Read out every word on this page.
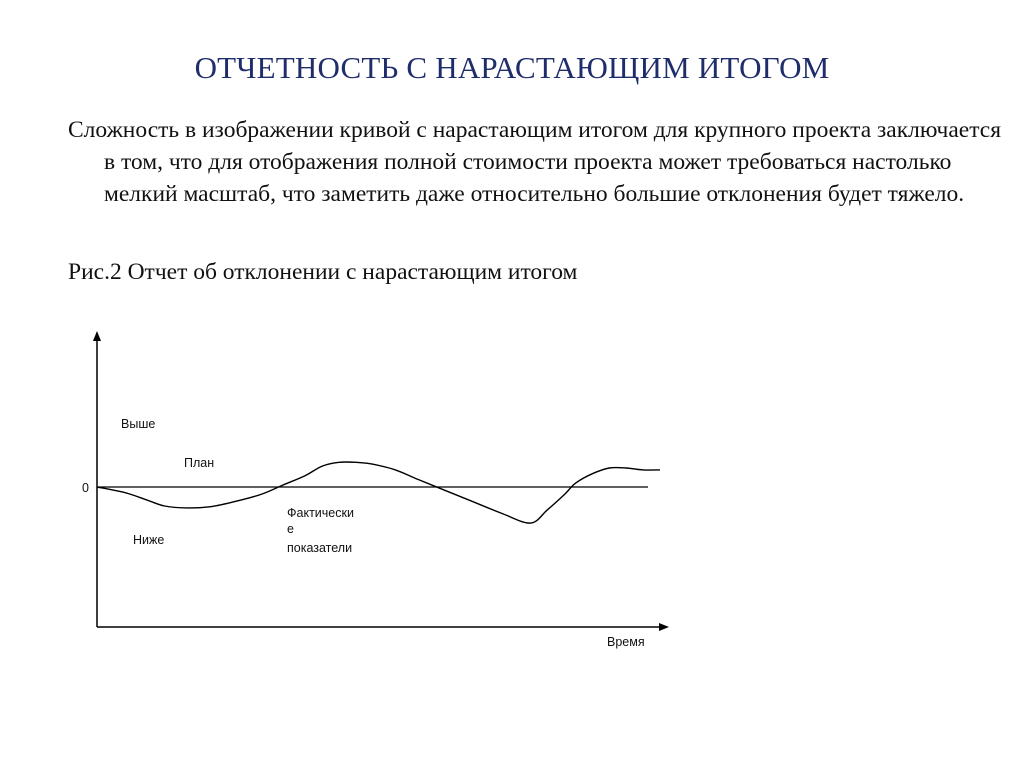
ОТЧЕТНОСТЬ С НАРАСТАЮЩИМ ИТОГОМ
Сложность в изображении кривой с нарастающим итогом для крупного проекта заключается в том, что для отображения полной стоимости проекта может требоваться настолько мелкий масштаб, что заметить даже относительно большие отклонения будет тяжело.
Рис.2 Отчет об отклонении с нарастающим итогом
0
Выше
План
Ниже
Фактически
е
показатели
Время
